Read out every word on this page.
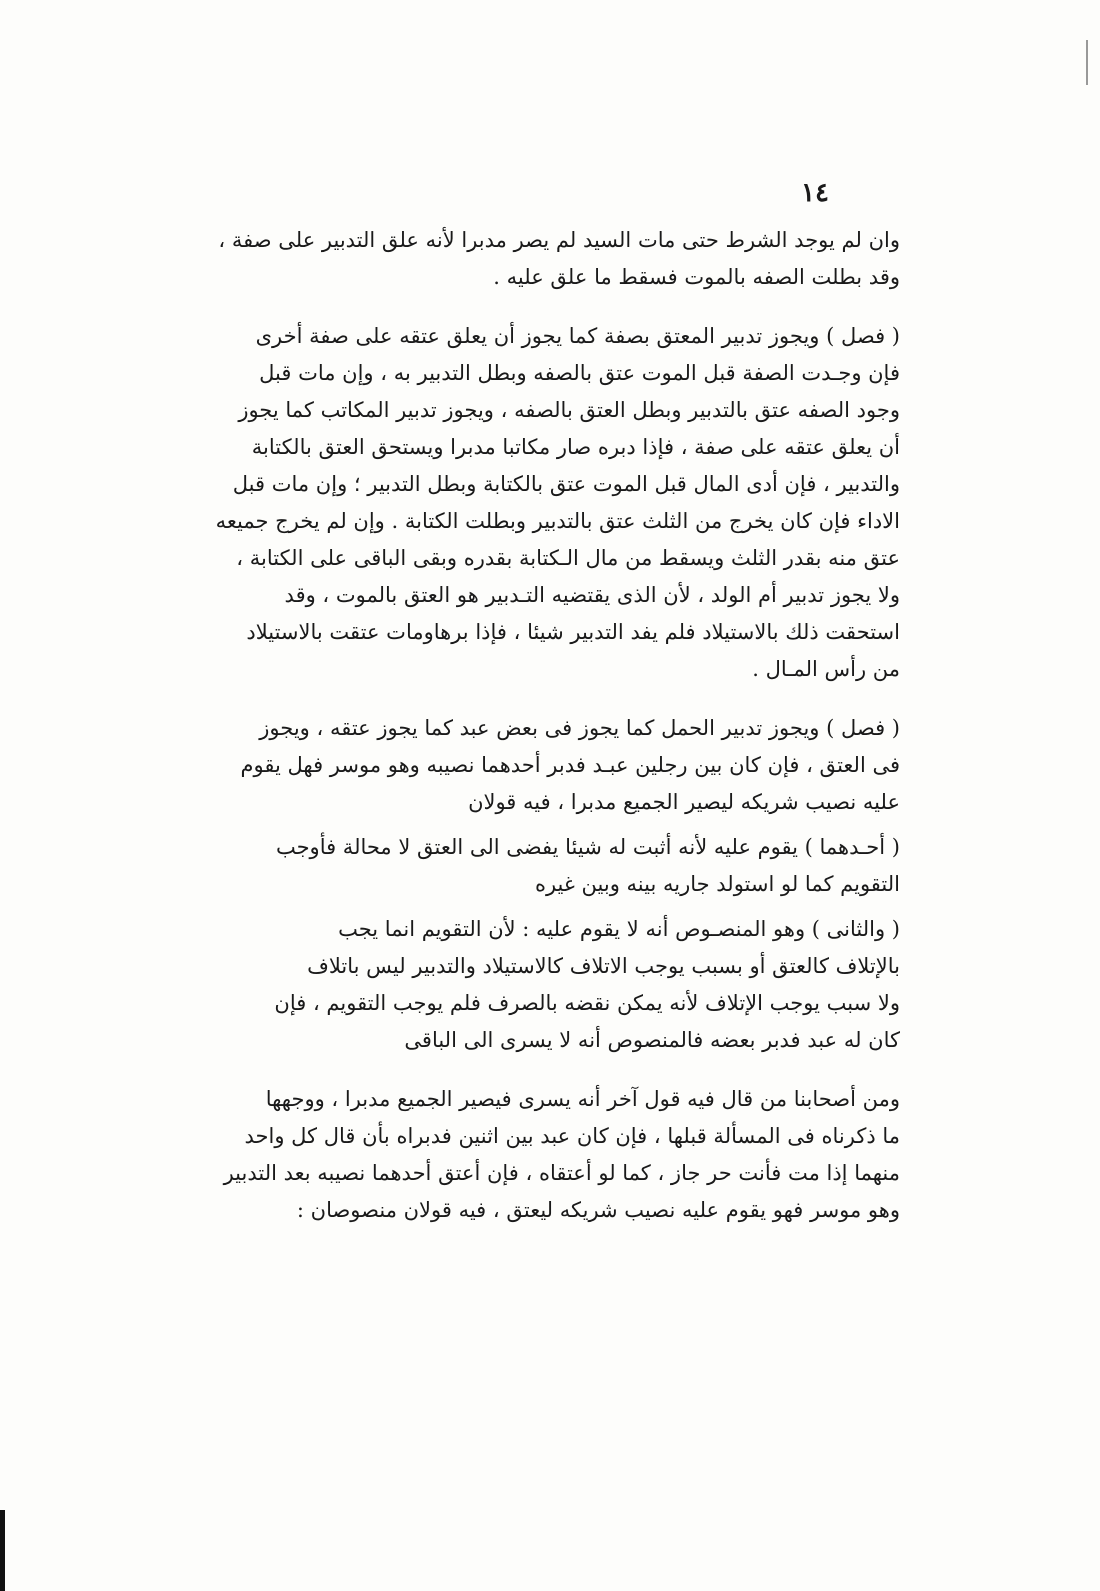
١٤
وان لم يوجد الشرط حتى مات السيد لم يصر مدبرا لأنه علق التدبير على صفة ،
وقد بطلت الصفه بالموت فسقط ما علق عليه .
( فصل ) ويجوز تدبير المعتق بصفة كما يجوز أن يعلق عتقه على صفة أخرى
فإن وجـدت الصفة قبل الموت عتق بالصفه وبطل التدبير به ، وإن مات قبل
وجود الصفه عتق بالتدبير وبطل العتق بالصفه ، ويجوز تدبير المكاتب كما يجوز
أن يعلق عتقه على صفة ، فإذا دبره صار مكاتبا مدبرا ويستحق العتق بالكتابة
والتدبير ، فإن أدى المال قبل الموت عتق بالكتابة وبطل التدبير ؛ وإن مات قبل
الاداء فإن كان يخرج من الثلث عتق بالتدبير وبطلت الكتابة . وإن لم يخرج جميعه
عتق منه بقدر الثلث ويسقط من مال الـكتابة بقدره وبقى الباقى على الكتابة ،
ولا يجوز تدبير أم الولد ، لأن الذى يقتضيه التـدبير هو العتق بالموت ، وقد
استحقت ذلك بالاستيلاد فلم يفد التدبير شيئا ، فإذا برهاومات عتقت بالاستيلاد
من رأس المـال .
( فصل ) ويجوز تدبير الحمل كما يجوز فى بعض عبد كما يجوز عتقه ، ويجوز
فى العتق ، فإن كان بين رجلين عبـد فدبر أحدهما نصيبه وهو موسر فهل يقوم
عليه نصيب شريكه ليصير الجميع مدبرا ، فيه قولان
( أحـدهما ) يقوم عليه لأنه أثبت له شيئا يفضى الى العتق لا محالة فأوجب
التقويم كما لو استولد جاريه بينه وبين غيره
( والثانى ) وهو المنصـوص أنه لا يقوم عليه : لأن التقويم انما يجب
بالإتلاف كالعتق أو بسبب يوجب الاتلاف كالاستيلاد والتدبير ليس باتلاف
ولا سبب يوجب الإتلاف لأنه يمكن نقضه بالصرف فلم يوجب التقويم ، فإن
كان له عبد فدبر بعضه فالمنصوص أنه لا يسرى الى الباقى
ومن أصحابنا من قال فيه قول آخر أنه يسرى فيصير الجميع مدبرا ، ووجهها
ما ذكرناه فى المسألة قبلها ، فإن كان عبد بين اثنين فدبراه بأن قال كل واحد
منهما إذا مت فأنت حر جاز ، كما لو أعتقاه ، فإن أعتق أحدهما نصيبه بعد التدبير
وهو موسر فهو يقوم عليه نصيب شريكه ليعتق ، فيه قولان منصوصان :
